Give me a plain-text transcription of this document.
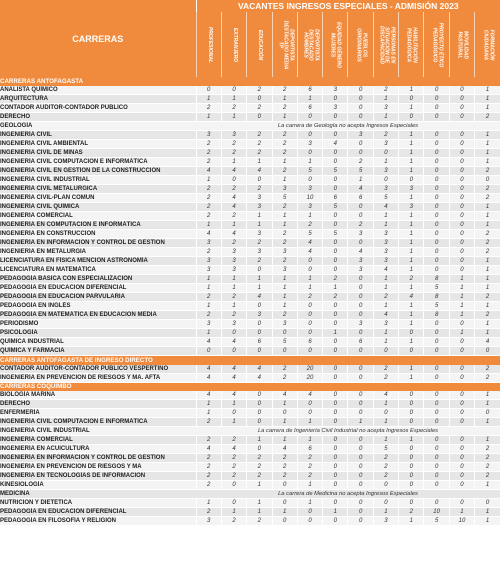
CARRERAS	VACANTES INGRESOS ESPECIALES - ADMISIÓN 2023											

	PROFESIONAL	EXTRANJERO	EDUCACIÓN	DEPORTISTA DESTACADO MEDIA TP	DEPORTISTA DESTACADO HOMBRES	EQUIDAD GÉNERO MUJERES	PUEBLOS ORIGINARIOS	PERSONAS EN SITUACIÓN DE DISCAPACIDAD	HABILITACIÓN PEDAGÓGICA	PROYECTO ÉTICO PEDAGÓGICO	MOVILIDAD PASTORAL	FORMACIÓN CIUDADANA

CARRERAS ANTOFAGASTA												
ANALISTA QUÍMICO	0	0	2	2	6	3	0	2	1	0	0	1
ARQUITECTURA	1	1	0	1	1	0	0	1	0	0	0	1
CONTADOR AUDITOR-CONTADOR PÚBLICO	2	2	2	2	6	3	0	3	1	0	0	1
DERECHO	1	1	0	1	0	0	0	1	0	0	0	2
GEOLOGÍA	La carrera de Geología no acepta Ingresos Especiales											
INGENIERÍA CIVIL	3	3	2	2	0	0	3	2	1	0	0	1
INGENIERÍA CIVIL AMBIENTAL	2	2	2	2	3	4	0	3	1	0	0	1
INGENIERÍA CIVIL DE MINAS	2	2	2	2	0	0	0	0	1	0	0	1
INGENIERÍA CIVIL COMPUTACIÓN E INFORMÁTICA	2	1	1	1	1	0	2	1	1	0	0	1
INGENIERÍA CIVIL EN GESTIÓN DE LA CONSTRUCCIÓN	4	4	4	2	5	5	5	3	1	0	0	2
INGENIERÍA CIVIL INDUSTRIAL	1	0	0	1	0	0	1	0	0	0	0	0
INGENIERÍA CIVIL METALÚRGICA	2	2	2	3	3	0	4	3	3	0	0	2
INGENIERÍA CIVIL-PLAN COMÚN	2	4	3	5	10	6	6	5	1	0	0	2
INGENIERÍA CIVIL QUÍMICA	2	4	3	2	3	5	0	4	3	0	0	1
INGENIERÍA COMERCIAL	2	2	1	1	1	0	0	1	1	0	0	1
INGENIERÍA EN COMPUTACIÓN E INFORMÁTICA	1	1	1	1	2	0	2	1	1	0	0	1
INGENIERÍA EN CONSTRUCCIÓN	4	4	3	2	5	5	3	3	1	0	0	2
INGENIERÍA EN INFORMACIÓN Y CONTROL DE GESTIÓN	3	2	2	2	4	0	0	3	1	0	0	2
INGENIERÍA EN METALURGIA	2	3	3	3	4	0	4	3	1	0	0	2
LICENCIATURA EN FÍSICA MENCIÓN ASTRONOMÍA	3	3	2	2	0	0	3	3	1	0	0	1
LICENCIATURA EN MATEMÁTICA	3	3	0	3	0	0	3	4	1	0	0	1
PEDAGOGÍA BÁSICA CON ESPECIALIZACIÓN	1	1	1	1	1	2	0	1	2	8	1	1
PEDAGOGÍA EN EDUCACIÓN DIFERENCIAL	1	1	1	1	1	1	0	1	1	5	1	1
PEDAGOGÍA EN EDUCACIÓN PARVULARIA	2	2	4	1	2	2	0	2	4	8	1	2
PEDAGOGÍA EN INGLÉS	1	1	0	1	0	0	0	1	1	5	1	1
PEDAGOGÍA EN MATEMÁTICA EN EDUCACIÓN MEDIA	2	2	3	2	0	0	0	4	1	8	1	2
PERIODISMO	3	3	0	3	0	0	3	3	1	0	0	1
PSICOLOGÍA	1	0	0	0	0	1	0	1	0	0	1	1
QUÍMICA INDUSTRIAL	4	4	6	5	6	0	6	1	1	0	0	4
QUÍMICA Y FARMACIA	0	0	0	0	0	0	0	0	0	0	0	0
CARRERAS ANTOFAGASTA DE INGRESO DIRECTO												
CONTADOR AUDITOR-CONTADOR PÚBLICO VESPERTINO	4	4	4	2	20	0	0	2	1	0	0	2
INGENIERÍA EN PREVENCIÓN DE RIESGOS Y MA. AFTA	4	4	4	2	20	0	0	2	1	0	0	2
CARRERAS COQUIMBO												
BIOLOGÍA MARINA	4	4	0	4	4	0	0	4	0	0	0	1
DERECHO	1	1	0	1	0	0	0	1	0	0	0	1
ENFERMERÍA	1	0	0	0	0	0	0	0	0	0	0	0
INGENIERÍA CIVIL COMPUTACIÓN E INFORMÁTICA	2	1	0	1	1	0	1	1	0	0	0	1
INGENIERÍA CIVIL INDUSTRIAL	La carrera de Ingeniería Civil Industrial no acepta Ingresos Especiales											
INGENIERÍA COMERCIAL	2	2	1	1	1	0	0	1	1	0	0	1
INGENIERÍA EN ACUICULTURA	4	4	0	4	6	0	0	5	0	0	0	2
INGENIERÍA EN INFORMACIÓN Y CONTROL DE GESTIÓN	2	2	2	2	2	0	0	2	0	0	0	2
INGENIERÍA EN PREVENCIÓN DE RIESGOS Y MA	2	2	2	2	2	0	0	2	0	0	0	2
INGENIERÍA EN TECNOLOGÍAS DE INFORMACIÓN	2	2	2	2	2	0	0	2	0	0	0	2
KINESIOLOGÍA	2	0	1	0	1	0	0	0	0	0	0	1
MEDICINA	La carrera de Medicina no acepta Ingresos Especiales											
NUTRICIÓN Y DIETÉTICA	1	0	1	0	1	0	0	0	0	0	0	0
PEDAGOGÍA EN EDUCACIÓN DIFERENCIAL	2	1	1	1	0	1	0	1	2	10	1	1
PEDAGOGÍA EN FILOSOFÍA Y RELIGIÓN	3	2	2	0	0	0	0	3	1	5	10	1
